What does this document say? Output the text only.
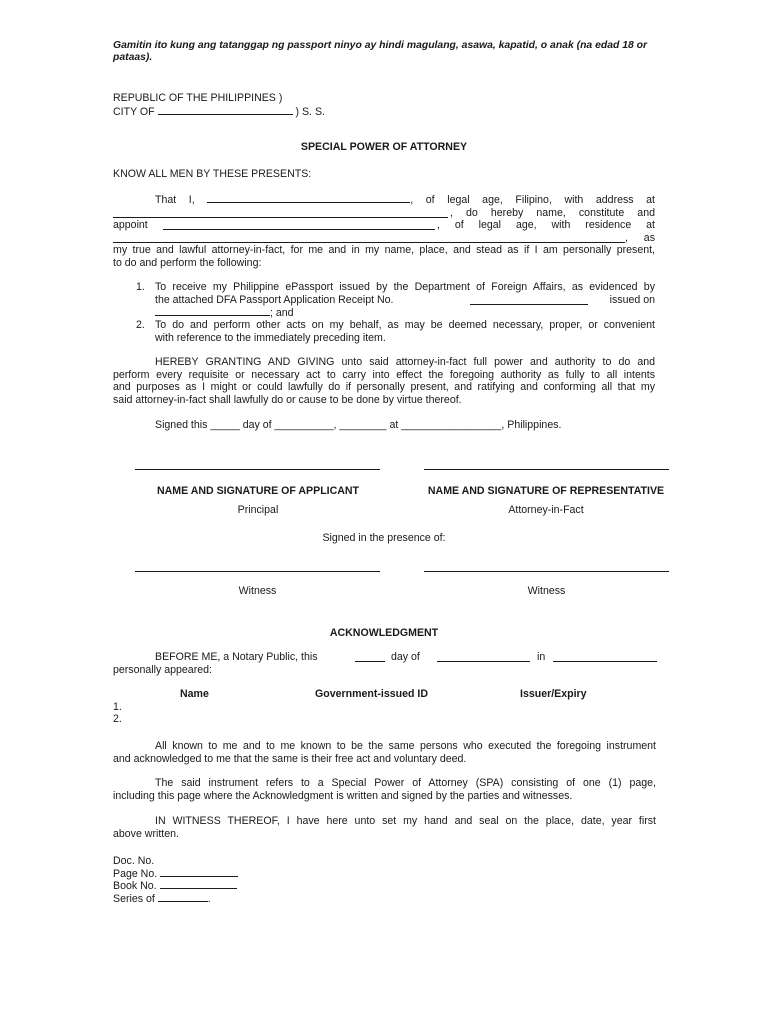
Gamitin ito kung ang tatanggap ng passport ninyo ay hindi magulang, asawa, kapatid, o anak (na edad 18 or pataas).
REPUBLIC OF THE PHILIPPINES )
CITY OF	) S. S.
SPECIAL POWER OF ATTORNEY
KNOW ALL MEN BY THESE PRESENTS:
That I,	, of legal age, Filipino, with address at
, do hereby name, constitute and
appoint	, of legal age, with residence at
, as
my true and lawful attorney-in-fact, for me and in my name, place, and stead as if I am personally present,
to do and perform the following:
1. To receive my Philippine ePassport issued by the Department of Foreign Affairs, as evidenced by
the attached DFA Passport Application Receipt No.	issued on
; and
2. To do and perform other acts on my behalf, as may be deemed necessary, proper, or convenient
with reference to the immediately preceding item.
HEREBY GRANTING AND GIVING unto said attorney-in-fact full power and authority to do and
perform every requisite or necessary act to carry into effect the foregoing authority as fully to all intents
and purposes as I might or could lawfully do if personally present, and ratifying and conforming all that my
said attorney-in-fact shall lawfully do or cause to be done by virtue thereof.
Signed this _____ day of __________, ________ at _________________, Philippines.
NAME AND SIGNATURE OF APPLICANT	NAME AND SIGNATURE OF REPRESENTATIVE
Principal	Attorney-in-Fact
Signed in the presence of:
Witness	Witness
ACKNOWLEDGMENT
BEFORE ME, a Notary Public, this	day of	in
personally appeared:
Name	Government-issued ID	Issuer/Expiry
1.
2.
All known to me and to me known to be the same persons who executed the foregoing instrument
and acknowledged to me that the same is their free act and voluntary deed.
The said instrument refers to a Special Power of Attorney (SPA) consisting of one (1) page,
including this page where the Acknowledgment is written and signed by the parties and witnesses.
IN WITNESS THEREOF, I have here unto set my hand and seal on the place, date, year first
above written.
Doc. No.
Page No.
Book No.
Series of	.
